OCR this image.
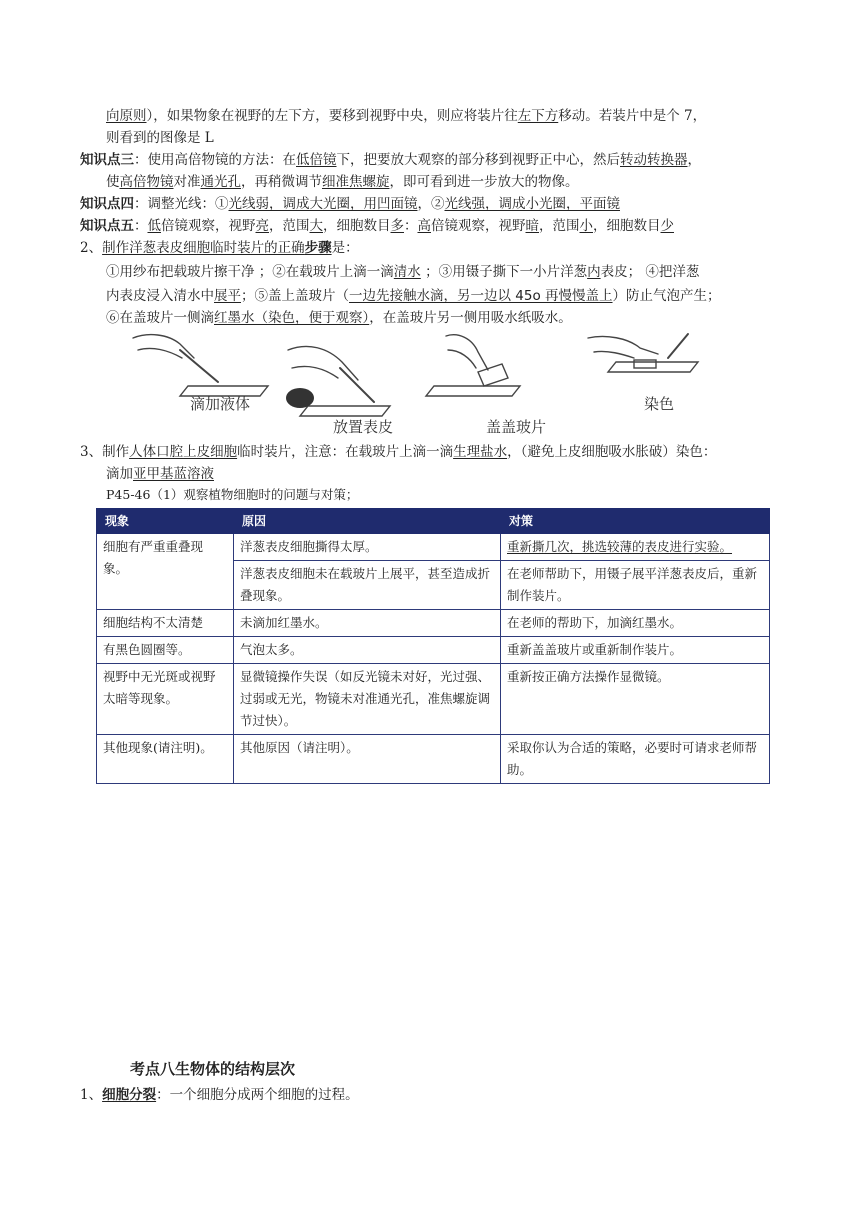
向原则），如果物象在视野的左下方，要移到视野中央，则应将装片往左下方移动。若装片中是个 7，
则看到的图像是 L
知识点三：使用高倍物镜的方法：在低倍镜下，把要放大观察的部分移到视野正中心，然后转动转换器，
使高倍物镜对准通光孔，再稍微调节细准焦螺旋，即可看到进一步放大的物像。
知识点四：调整光线：①光线弱，调成大光圈，用凹面镜，②光线强，调成小光圈，平面镜
知识点五：低倍镜观察，视野亮，范围大，细胞数目多：高倍镜观察，视野暗，范围小，细胞数目少
2、制作洋葱表皮细胞临时装片的正确步骤是：
①用纱布把载玻片擦干净 ；②在载玻片上滴一滴清水 ；③用镊子撕下一小片洋葱内表皮； ④把洋葱
内表皮浸入清水中展平；⑤盖上盖玻片（一边先接触水滴，另一边以 45o 再慢慢盖上）防止气泡产生；
⑥在盖玻片一侧滴红墨水（染色，便于观察），在盖玻片另一侧用吸水纸吸水。
滴加液体
放置表皮	盖盖玻片
染色
3、制作人体口腔上皮细胞临时装片，注意：在载玻片上滴一滴生理盐水，（避免上皮细胞吸水胀破）染色：
滴加亚甲基蓝溶液
P45-46（1）观察植物细胞时的问题与对策；
现象	原因	对策
细胞有严重重叠现象。	洋葱表皮细胞撕得太厚。	重新撕几次，挑选较薄的表皮进行实验。
	洋葱表皮细胞未在载玻片上展平，甚至造成折叠现象。	在老师帮助下，用镊子展平洋葱表皮后，重新制作装片。
细胞结构不太清楚	未滴加红墨水。	在老师的帮助下，加滴红墨水。
有黑色圆圈等。	气泡太多。	重新盖盖玻片或重新制作装片。
视野中无光斑或视野太暗等现象。	显微镜操作失误（如反光镜未对好，光过强、过弱或无光，物镜未对准通光孔，准焦螺旋调节过快）。	重新按正确方法操作显微镜。
其他现象(请注明)。	其他原因（请注明）。	采取你认为合适的策略，必要时可请求老师帮助。
考点八生物体的结构层次
1、细胞分裂：一个细胞分成两个细胞的过程。
